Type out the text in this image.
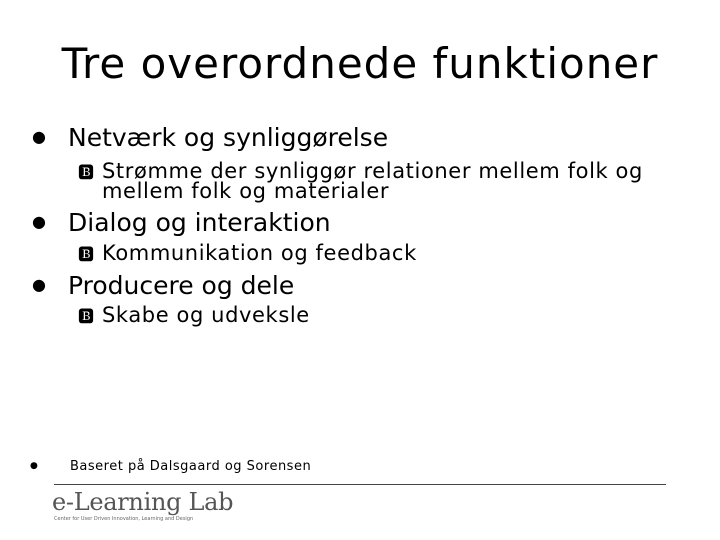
Tre overordnede funktioner
● Netværk og synliggørelse
🅱 Strømme der synliggør relationer mellem folk og mellem folk og materialer
● Dialog og interaktion
🅱 Kommunikation og feedback
● Producere og dele
🅱 Skabe og udveksle
● Baseret på Dalsgaard og Sorensen
e-Learning Lab
Center for User Driven Innovation, Learning and Design
